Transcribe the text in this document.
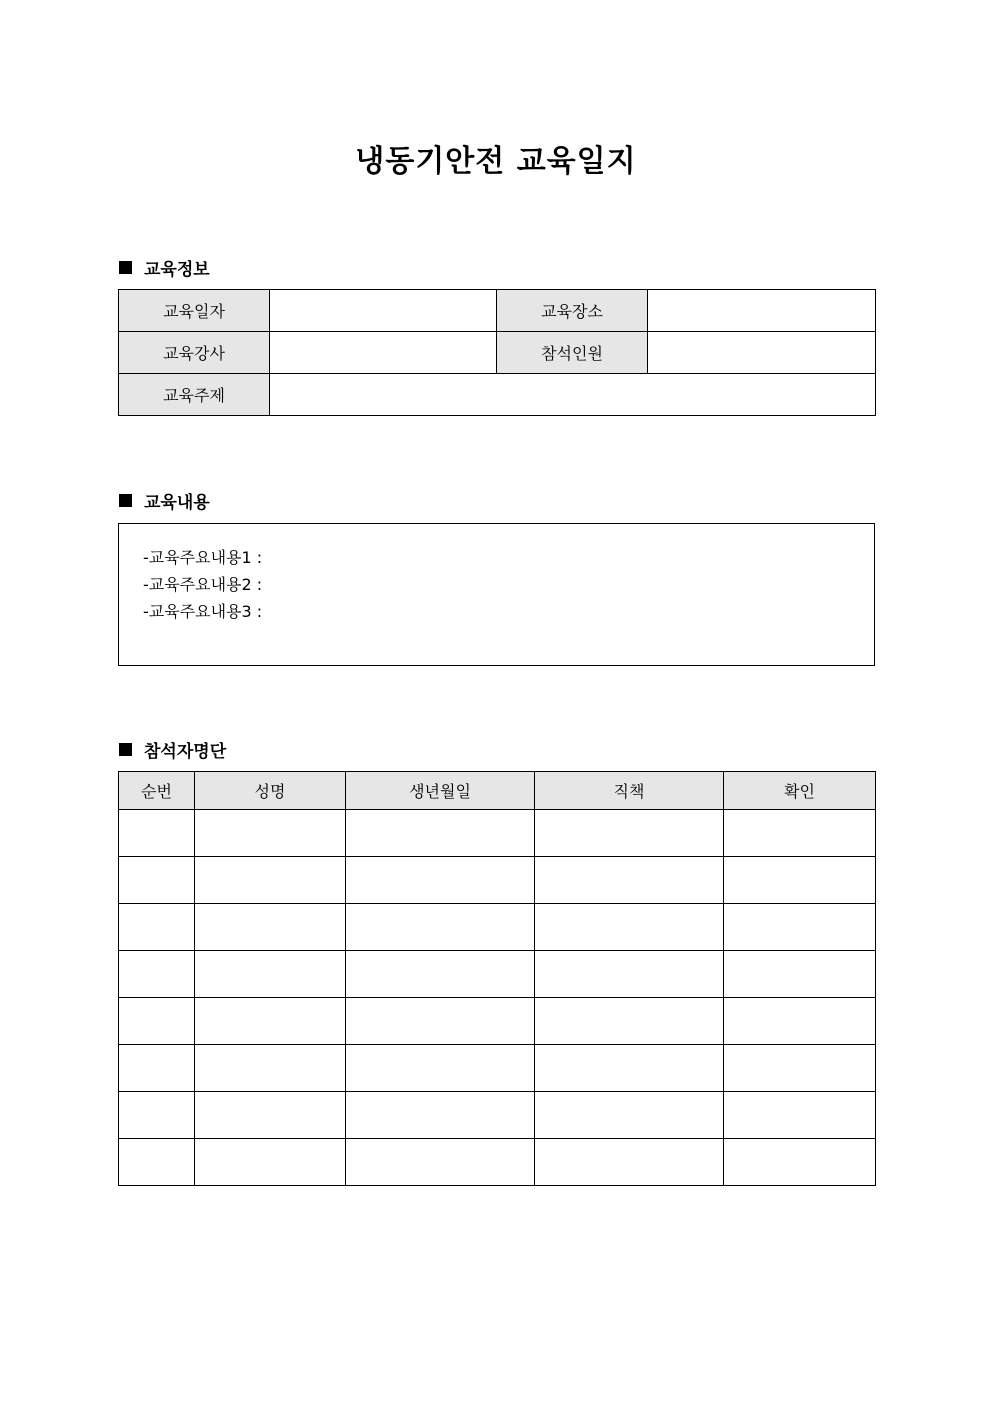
냉동기안전 교육일지
교육정보
교육일자		교육장소	
교육강사		참석인원	
교육주제			
교육내용
-교육주요내용1 :
-교육주요내용2 :
-교육주요내용3 :
참석자명단
순번	성명	생년월일	직책	확인
